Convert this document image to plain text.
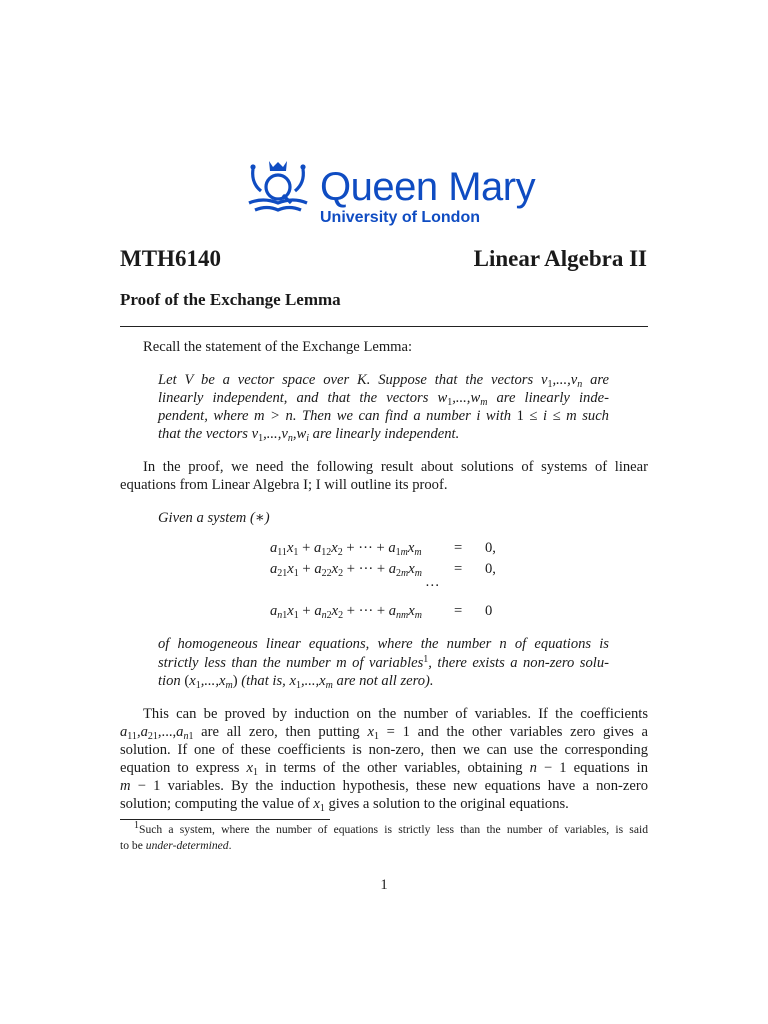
Queen Mary
University of London
MTH6140	Linear Algebra II
Proof of the Exchange Lemma

Recall the statement of the Exchange Lemma:

Let V be a vector space over K. Suppose that the vectors $v_1,...,v_n$ are

linearly independent, and that the vectors $w_1,...,w_m$ are linearly inde-

pendent, where m > n. Then we can find a number i with 1 ≤ i ≤ m such

that the vectors $v_1,...,v_n,w_i$ are linearly independent.

In the proof, we need the following result about solutions of systems of linear

equations from Linear Algebra I; I will outline its proof.

Given a system (∗)

$a_{11}x_1 + a_{12}x_2$ + ··· + $a_{1m}x_m = 0$,
$a_{21}x_1 + a_{22}x_2$ + ··· + $a_{2m}x_m = 0$,
···
$a_{n1}x_1 + a_{n2}x_2$ + ··· + $a_{nm}x_m = 0$

of homogeneous linear equations, where the number n of equations is

strictly less than the number m of variables$^1$, there exists a non-zero solu-

tion $(x_1,...,x_m)$ (that is, $x_1,...,x_m$ are not all zero).

This can be proved by induction on the number of variables. If the coefficients

$a_{11},a_{21},...,a_{n1}$ are all zero, then putting $x_1 = 1$ and the other variables zero gives a

solution. If one of these coefficients is non-zero, then we can use the corresponding

equation to express $x_1$ in terms of the other variables, obtaining n − 1 equations in

m − 1 variables. By the induction hypothesis, these new equations have a non-zero

solution; computing the value of $x_1$ gives a solution to the original equations.

$^1$Such a system, where the number of equations is strictly less than the number of variables, is said
to be under-determined.
1
